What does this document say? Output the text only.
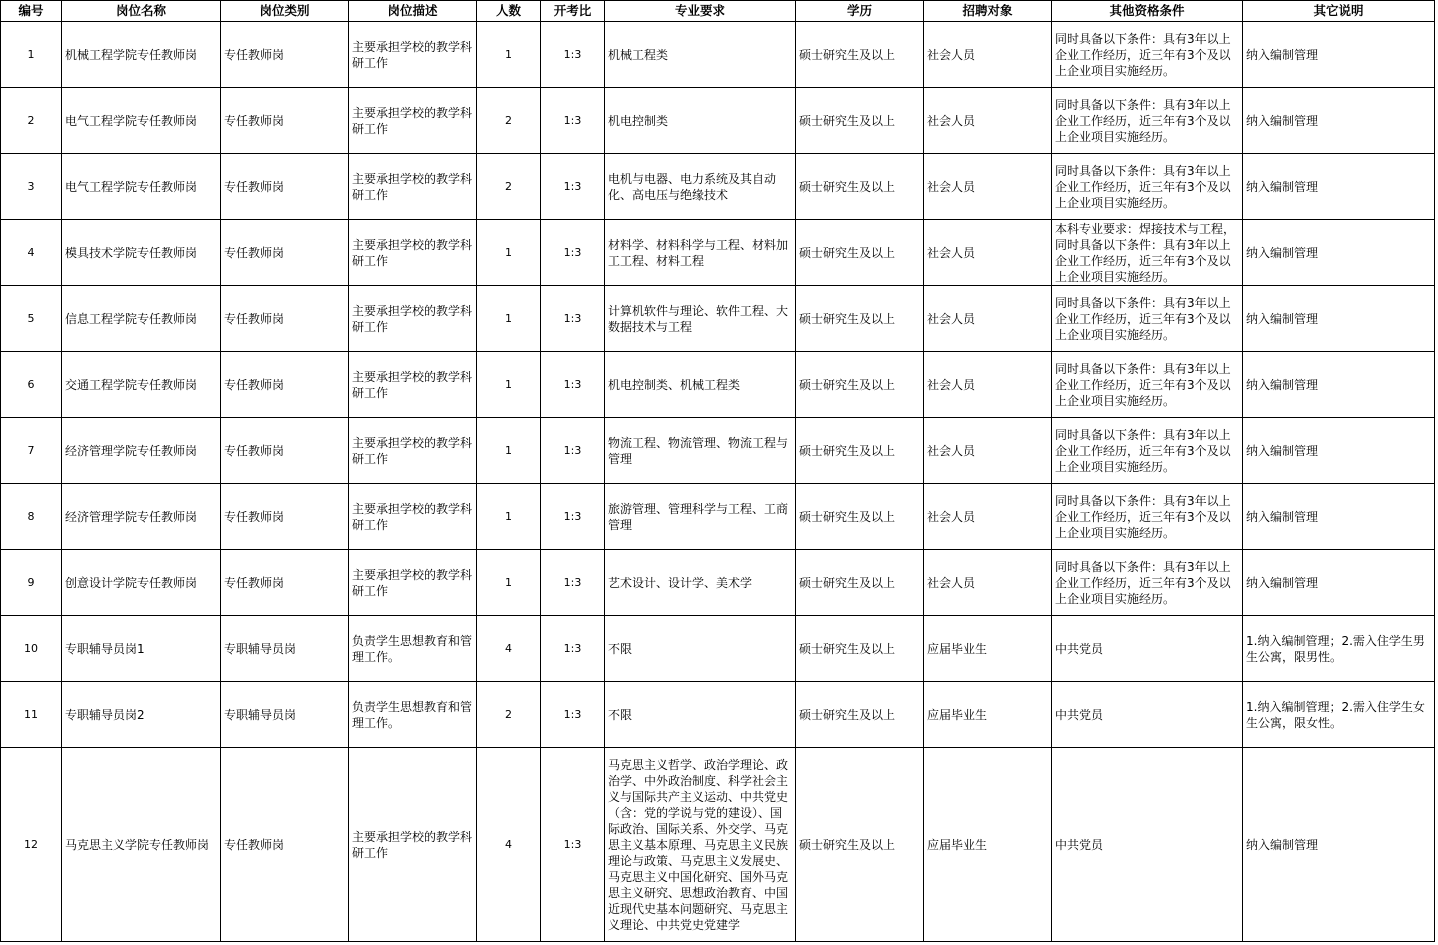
编号	岗位名称	岗位类别	岗位描述	人数	开考比	专业要求	学历	招聘对象	其他资格条件	其它说明
1	机械工程学院专任教师岗	专任教师岗	主要承担学校的教学科研工作	1	1:3	机械工程类	硕士研究生及以上	社会人员	同时具备以下条件：具有3年以上企业工作经历，近三年有3个及以上企业项目实施经历。	纳入编制管理
2	电气工程学院专任教师岗	专任教师岗	主要承担学校的教学科研工作	2	1:3	机电控制类	硕士研究生及以上	社会人员	同时具备以下条件：具有3年以上企业工作经历，近三年有3个及以上企业项目实施经历。	纳入编制管理
3	电气工程学院专任教师岗	专任教师岗	主要承担学校的教学科研工作	2	1:3	电机与电器、电力系统及其自动化、高电压与绝缘技术	硕士研究生及以上	社会人员	同时具备以下条件：具有3年以上企业工作经历，近三年有3个及以上企业项目实施经历。	纳入编制管理
4	模具技术学院专任教师岗	专任教师岗	主要承担学校的教学科研工作	1	1:3	材料学、材料科学与工程、材料加工工程、材料工程	硕士研究生及以上	社会人员	本科专业要求：焊接技术与工程，同时具备以下条件：具有3年以上企业工作经历，近三年有3个及以上企业项目实施经历。	纳入编制管理
5	信息工程学院专任教师岗	专任教师岗	主要承担学校的教学科研工作	1	1:3	计算机软件与理论、软件工程、大数据技术与工程	硕士研究生及以上	社会人员	同时具备以下条件：具有3年以上企业工作经历，近三年有3个及以上企业项目实施经历。	纳入编制管理
6	交通工程学院专任教师岗	专任教师岗	主要承担学校的教学科研工作	1	1:3	机电控制类、机械工程类	硕士研究生及以上	社会人员	同时具备以下条件：具有3年以上企业工作经历，近三年有3个及以上企业项目实施经历。	纳入编制管理
7	经济管理学院专任教师岗	专任教师岗	主要承担学校的教学科研工作	1	1:3	物流工程、物流管理、物流工程与管理	硕士研究生及以上	社会人员	同时具备以下条件：具有3年以上企业工作经历，近三年有3个及以上企业项目实施经历。	纳入编制管理
8	经济管理学院专任教师岗	专任教师岗	主要承担学校的教学科研工作	1	1:3	旅游管理、管理科学与工程、工商管理	硕士研究生及以上	社会人员	同时具备以下条件：具有3年以上企业工作经历，近三年有3个及以上企业项目实施经历。	纳入编制管理
9	创意设计学院专任教师岗	专任教师岗	主要承担学校的教学科研工作	1	1:3	艺术设计、设计学、美术学	硕士研究生及以上	社会人员	同时具备以下条件：具有3年以上企业工作经历，近三年有3个及以上企业项目实施经历。	纳入编制管理
10	专职辅导员岗1	专职辅导员岗	负责学生思想教育和管理工作。	4	1:3	不限	硕士研究生及以上	应届毕业生	中共党员	1.纳入编制管理；2.需入住学生男生公寓，限男性。
11	专职辅导员岗2	专职辅导员岗	负责学生思想教育和管理工作。	2	1:3	不限	硕士研究生及以上	应届毕业生	中共党员	1.纳入编制管理；2.需入住学生女生公寓，限女性。
12	马克思主义学院专任教师岗	专任教师岗	主要承担学校的教学科研工作	4	1:3	马克思主义哲学、政治学理论、政治学、中外政治制度、科学社会主义与国际共产主义运动、中共党史（含：党的学说与党的建设）、国际政治、国际关系、外交学、马克思主义基本原理、马克思主义民族理论与政策、马克思主义发展史、马克思主义中国化研究、国外马克思主义研究、思想政治教育、中国近现代史基本问题研究、马克思主义理论、中共党史党建学	硕士研究生及以上	应届毕业生	中共党员	纳入编制管理
